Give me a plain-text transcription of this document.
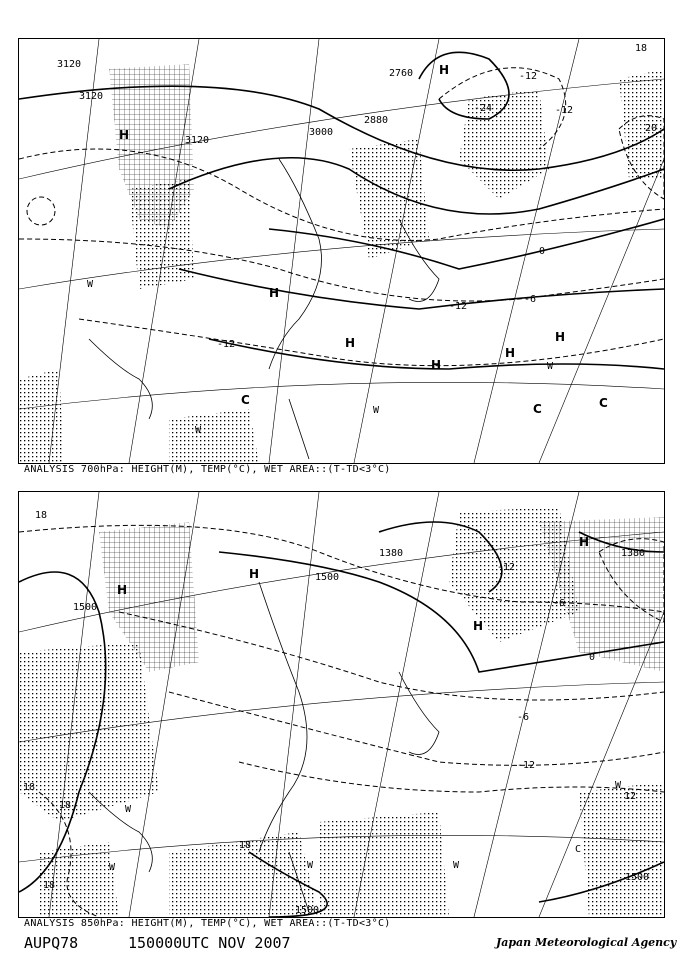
3120
3120
3120
3000
2880
2760
18
-24	-12
-12
0
-6
-12
-12
20
H
H
H
H
H
H
H
C
C	C
W
W
W
W
ANALYSIS 700hPa: HEIGHT(M), TEMP(°C), WET AREA::(T-TD<3°C)
1500
1500
1380	1380
1500
1500
18
18
18
18
18
-12
-6
0
-6
12
-12
H
H
H
H
W
W	W	W
W
C
ANALYSIS 850hPa: HEIGHT(M), TEMP(°C), WET AREA::(T-TD<3°C)
AUPQ78	150000UTC NOV 2007	Japan Meteorological Agency
